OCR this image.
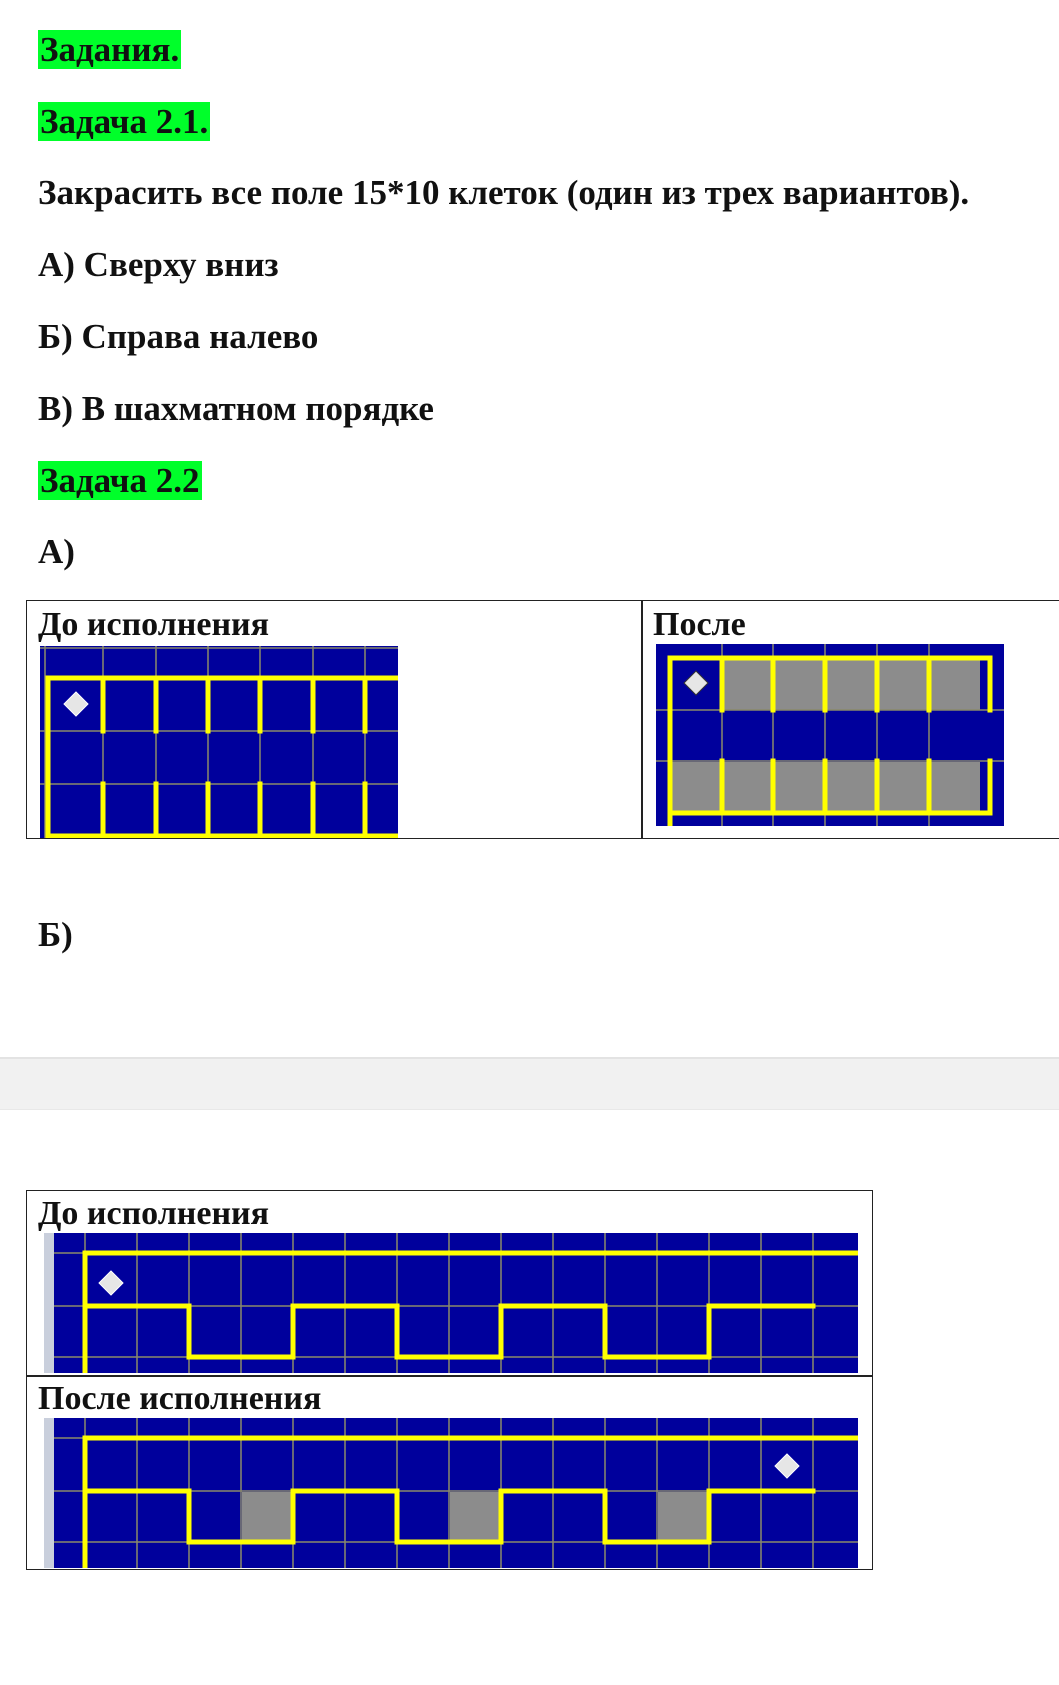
Задания.
Задача 2.1.
Закрасить все поле 15*10 клеток (один из трех вариантов).
А) Сверху вниз
Б) Справа налево
В) В шахматном порядке
Задача 2.2
А)
До исполнения	После
Б)
До исполнения
После исполнения
